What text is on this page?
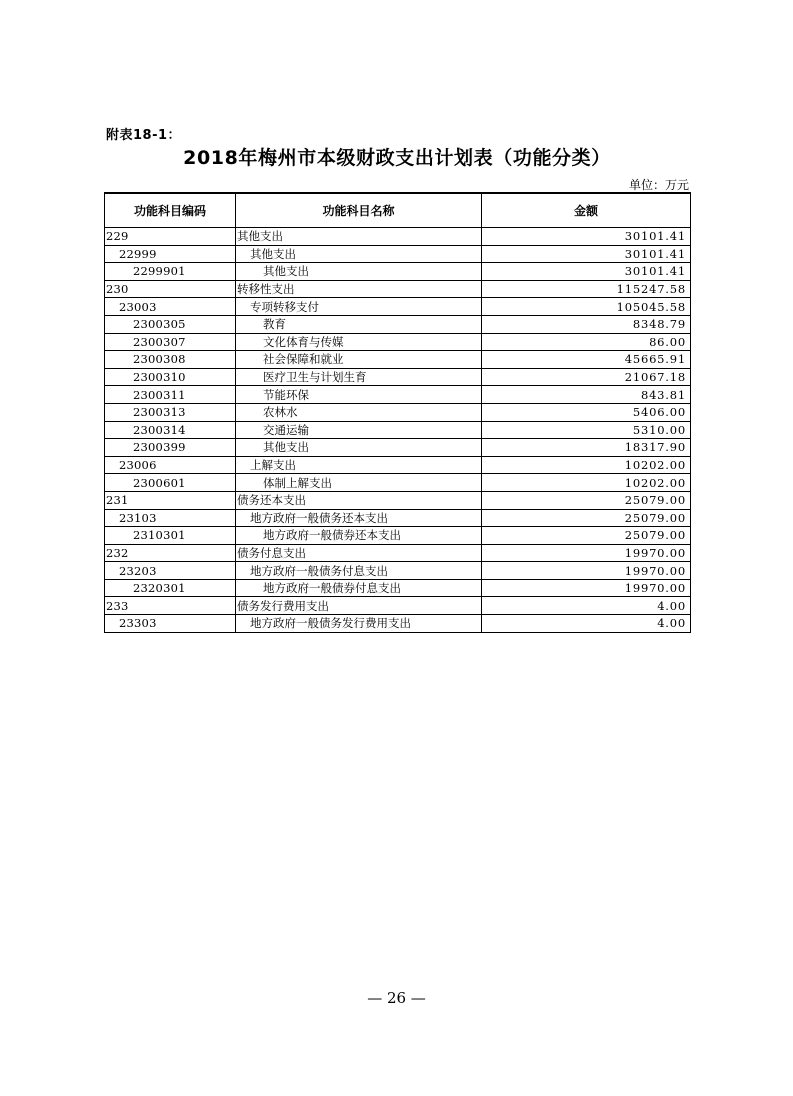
附表18-1：
2018年梅州市本级财政支出计划表（功能分类）
单位：万元
功能科目编码	功能科目名称	金额
229	其他支出	30101.41
22999	其他支出	30101.41
2299901	其他支出	30101.41
230	转移性支出	115247.58
23003	专项转移支付	105045.58
2300305	教育	8348.79
2300307	文化体育与传媒	86.00
2300308	社会保障和就业	45665.91
2300310	医疗卫生与计划生育	21067.18
2300311	节能环保	843.81
2300313	农林水	5406.00
2300314	交通运输	5310.00
2300399	其他支出	18317.90
23006	上解支出	10202.00
2300601	体制上解支出	10202.00
231	债务还本支出	25079.00
23103	地方政府一般债务还本支出	25079.00
2310301	地方政府一般债券还本支出	25079.00
232	债务付息支出	19970.00
23203	地方政府一般债务付息支出	19970.00
2320301	地方政府一般债券付息支出	19970.00
233	债务发行费用支出	4.00
23303	地方政府一般债务发行费用支出	4.00
— 26 —
